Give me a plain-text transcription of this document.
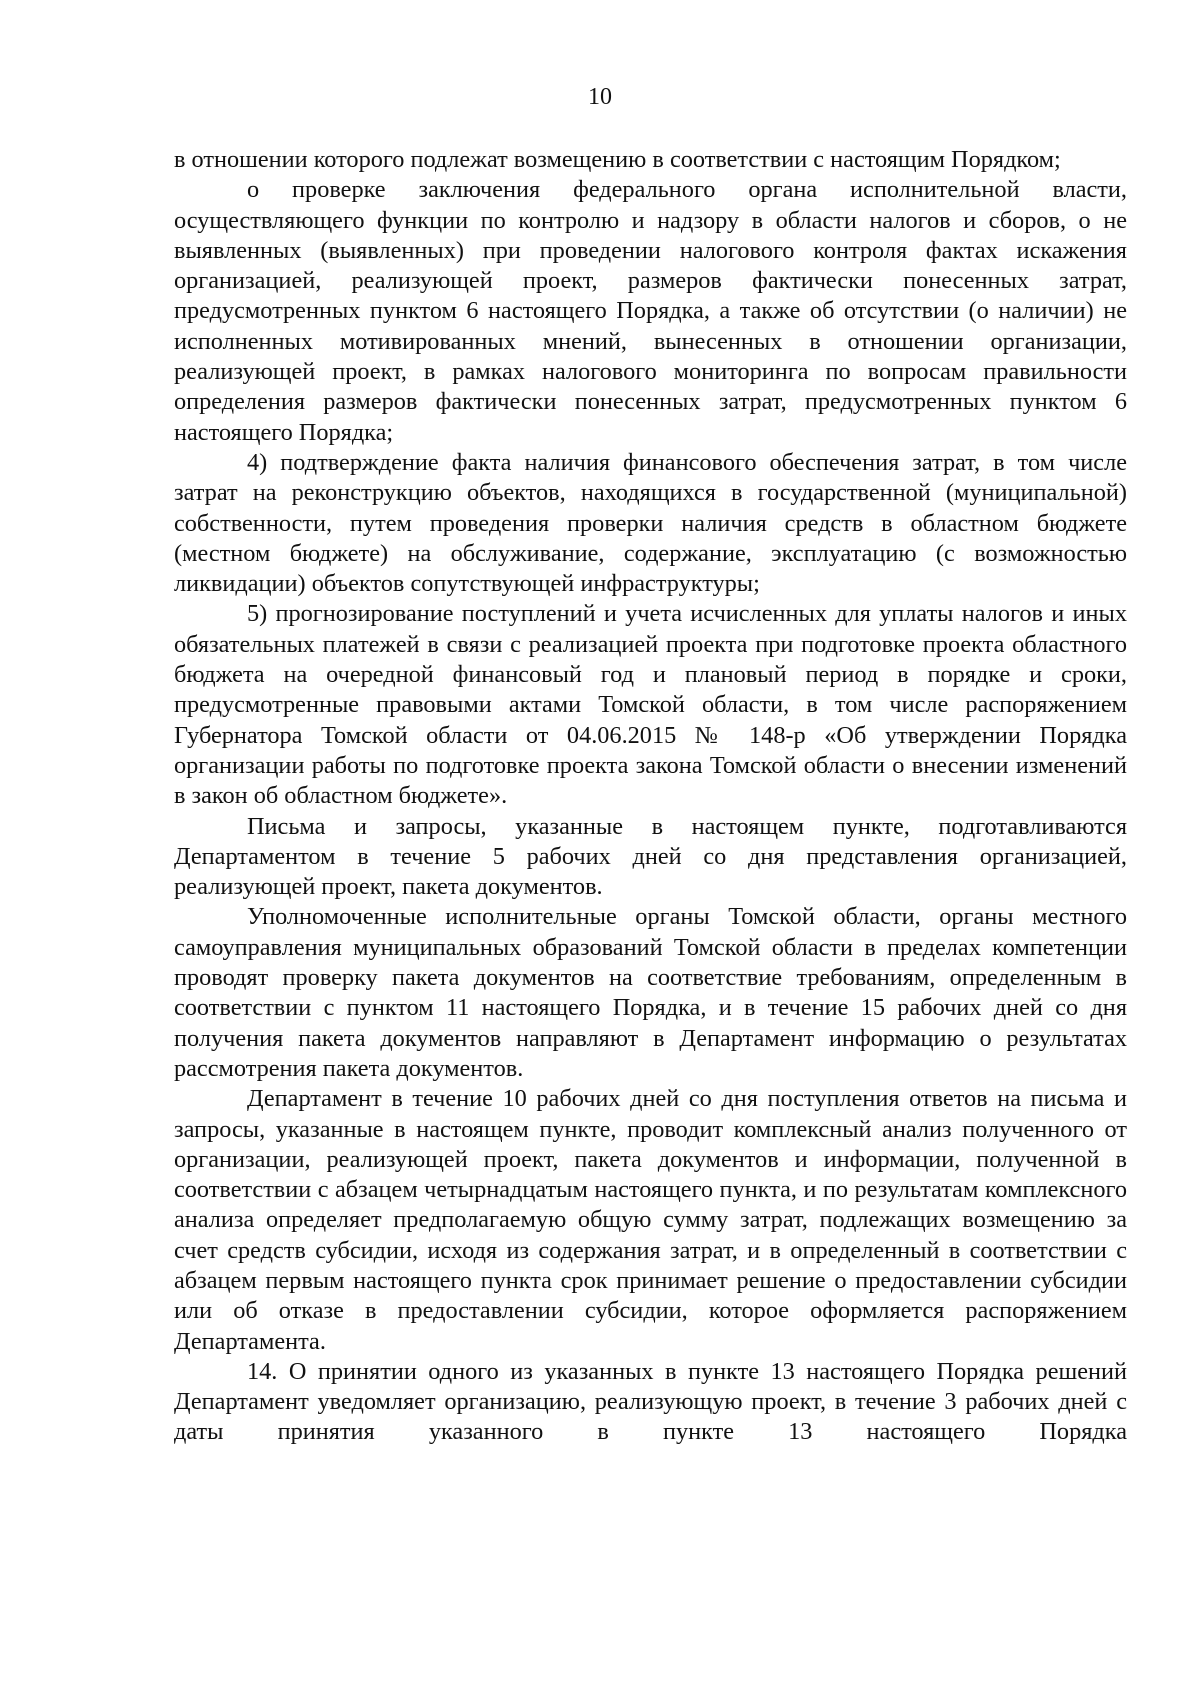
10

в отношении которого подлежат возмещению в соответствии с настоящим Порядком;

о проверке заключения федерального органа исполнительной власти, осуществляющего функции по контролю и надзору в области налогов и сборов, о не выявленных (выявленных) при проведении налогового контроля фактах искажения организацией, реализующей проект, размеров фактически понесенных затрат, предусмотренных пунктом 6 настоящего Порядка, а также об отсутствии (о наличии) не исполненных мотивированных мнений, вынесенных в отношении организации, реализующей проект, в рамках налогового мониторинга по вопросам правильности определения размеров фактически понесенных затрат, предусмотренных пунктом 6 настоящего Порядка;

4) подтверждение факта наличия финансового обеспечения затрат, в том числе затрат на реконструкцию объектов, находящихся в государственной (муниципальной) собственности, путем проведения проверки наличия средств в областном бюджете (местном бюджете) на обслуживание, содержание, эксплуатацию (с возможностью ликвидации) объектов сопутствующей инфраструктуры;

5) прогнозирование поступлений и учета исчисленных для уплаты налогов и иных обязательных платежей в связи с реализацией проекта при подготовке проекта областного бюджета на очередной финансовый год и плановый период в порядке и сроки, предусмотренные правовыми актами Томской области, в том числе распоряжением Губернатора Томской области от 04.06.2015 № 148-р «Об утверждении Порядка организации работы по подготовке проекта закона Томской области о внесении изменений в закон об областном бюджете».

Письма и запросы, указанные в настоящем пункте, подготавливаются Департаментом в течение 5 рабочих дней со дня представления организацией, реализующей проект, пакета документов.

Уполномоченные исполнительные органы Томской области, органы местного самоуправления муниципальных образований Томской области в пределах компетенции проводят проверку пакета документов на соответствие требованиям, определенным в соответствии с пунктом 11 настоящего Порядка, и в течение 15 рабочих дней со дня получения пакета документов направляют в Департамент информацию о результатах рассмотрения пакета документов.

Департамент в течение 10 рабочих дней со дня поступления ответов на письма и запросы, указанные в настоящем пункте, проводит комплексный анализ полученного от организации, реализующей проект, пакета документов и информации, полученной в соответствии с абзацем четырнадцатым настоящего пункта, и по результатам комплексного анализа определяет предполагаемую общую сумму затрат, подлежащих возмещению за счет средств субсидии, исходя из содержания затрат, и в определенный в соответствии с абзацем первым настоящего пункта срок принимает решение о предоставлении субсидии или об отказе в предоставлении субсидии, которое оформляется распоряжением Департамента.

14. О принятии одного из указанных в пункте 13 настоящего Порядка решений Департамент уведомляет организацию, реализующую проект, в течение 3 рабочих дней с даты принятия указанного в пункте 13 настоящего Порядка
